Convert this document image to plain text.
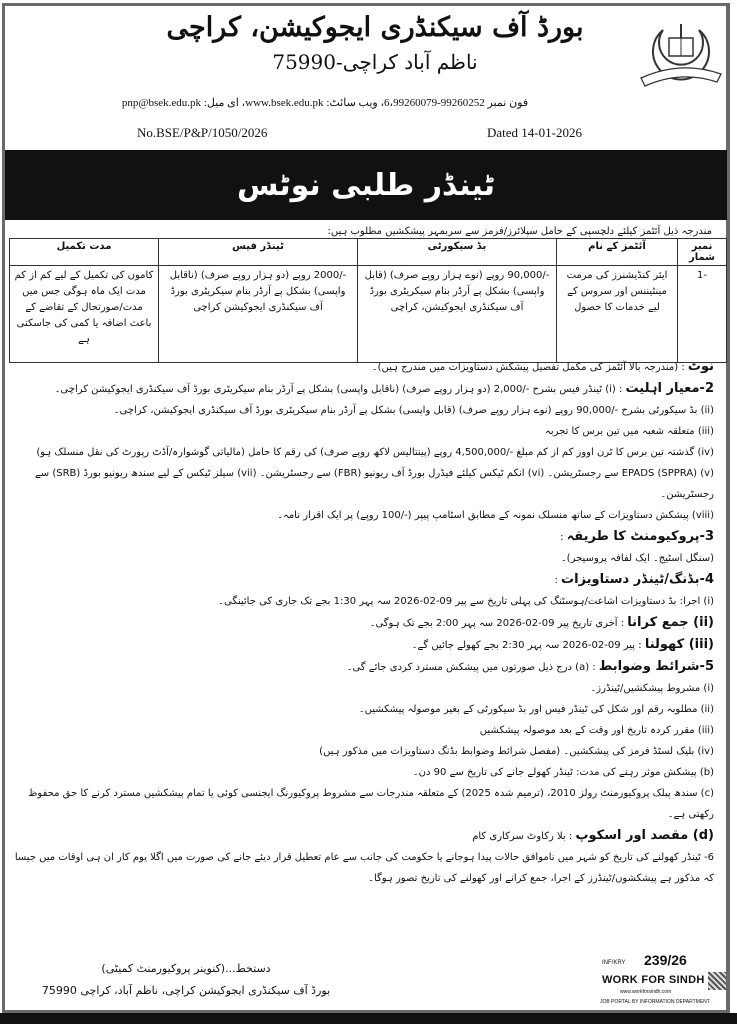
بورڈ آف سیکنڈری ایجوکیشن، کراچی
ناظم آباد کراچی-75990
فون نمبر 99260252-6،99260079، ویب سائٹ: www.bsek.edu.pk، ای میل: pnp@bsek.edu.pk
No.BSE/P&P/1050/2026	Dated 14-01-2026
ٹینڈر طلبی نوٹس
مندرجہ ذیل آئٹمز کیلئے دلچسپی کے حامل سپلائرز/فرمز سے سربمہر پیشکشیں مطلوب ہیں:
نمبر شمار	آئٹمز کے نام	بڈ سیکورٹی	ٹینڈر فیس	مدت تکمیل
-1	ایئر کنڈیشنرز کی مرمت مینٹیننس اور سروس کے لیے خدمات کا حصول	-/90,000 روپے (نوے ہزار روپے صرف) (قابل واپسی) بشکل پے آرڈر بنام سیکریٹری بورڈ آف سیکنڈری ایجوکیشن، کراچی	-/2000 روپے (دو ہزار روپے صرف) (ناقابل واپسی) بشکل پے آرڈر بنام سیکریٹری بورڈ آف سیکنڈری ایجوکیشن کراچی	کاموں کی تکمیل کے لیے کم از کم مدت ایک ماہ ہوگی جس میں مدت/صورتحال کے تقاضے کے باعث اضافہ یا کمی کی جاسکتی ہے

نوٹ : (مندرجہ بالا آئٹمز کی مکمل تفصیل پیشکش دستاویزات میں مندرج ہیں)۔

2-معیار اہلیت : (i) ٹینڈر فیس بشرح -/2,000 (دو ہزار روپے صرف) (ناقابل واپسی) بشکل پے آرڈر بنام سیکریٹری بورڈ آف سیکنڈری ایجوکیشن کراچی۔

(ii) بڈ سیکورٹی بشرح -/90,000 روپے (نوے ہزار روپے صرف) (قابل واپسی) بشکل پے آرڈر بنام سیکریٹری بورڈ آف سیکنڈری ایجوکیشن، کراچی۔

(iii) متعلقہ شعبہ میں تین برس کا تجربہ

(iv) گذشتہ تین برس کا ٹرن اوور کم از کم مبلغ -/4,500,000 روپے (پینتالیس لاکھ روپے صرف) کی رقم کا حامل (مالیاتی گوشوارہ/آڈٹ رپورٹ کی نقل منسلک ہو)

(v) EPADS (SPPRA) سے رجسٹریشن۔ (vi) انکم ٹیکس کیلئے فیڈرل بورڈ آف ریونیو (FBR) سے رجسٹریشن۔ (vii) سیلز ٹیکس کے لیے سندھ ریونیو بورڈ (SRB) سے رجسٹریشن۔

(viii) پیشکش دستاویزات کے ساتھ منسلک نمونہ کے مطابق اسٹامپ پیپر (-/100 روپے) پر ایک اقرار نامہ۔

3-پروکیومنٹ کا طریقہ :

(سنگل اسٹیج۔ ایک لفافہ پروسیجر)۔

4-بڈنگ/ٹینڈر دستاویزات :

(i) اجرا: بڈ دستاویزات اشاعت/ہوسٹنگ کی پہلی تاریخ سے پیر 09-02-2026 سہ پہر 1:30 بجے تک جاری کی جائینگی۔

(ii) جمع کرانا : آخری تاریخ پیر 09-02-2026 سہ پہر 2:00 بجے تک ہوگی۔

(iii) کھولنا : پیر 09-02-2026 سہ پہر 2:30 بجے کھولے جائیں گے۔

5-شرائط وضوابط : (a) درج ذیل صورتوں میں پیشکش مسترد کردی جائے گی۔

(i) مشروط پیشکشیں/ٹینڈرز۔

(ii) مطلوبہ رقم اور شکل کی ٹینڈر فیس اور بڈ سیکورٹی کے بغیر موصولہ پیشکشیں۔

(iii) مقرر کردہ تاریخ اور وقت کے بعد موصولہ پیشکشیں

(iv) بلیک لسٹڈ فرمز کی پیشکشیں۔ (مفصل شرائط وضوابط بڈنگ دستاویزات میں مذکور ہیں)

(b) پیشکش موثر رہنے کی مدت: ٹینڈر کھولے جانے کی تاریخ سے 90 دن۔

(c) سندھ پبلک پروکیورمنٹ رولز 2010، (ترمیم شدہ 2025) کے متعلقہ مندرجات سے مشروط پروکیورنگ ایجنسی کوئی یا تمام پیشکشیں مسترد کرنے کا حق محفوظ رکھتی ہے۔

(d) مقصد اور اسکوپ : بلا رکاوٹ سرکاری کام

6- ٹینڈر کھولنے کی تاریخ کو شہر میں ناموافق حالات پیدا ہوجانے یا حکومت کی جانب سے عام تعطیل قرار دیئے جانے کی صورت میں اگلا یوم کار ان ہی اوقات میں جیسا کہ مذکور ہے پیشکشوں/ٹینڈرز کے اجرا، جمع کرانے اور کھولنے کی تاریخ تصور ہوگا۔

دستخط...(کنوینر پروکیورمنٹ کمیٹی)
بورڈ آف سیکنڈری ایجوکیشن کراچی، ناظم آباد، کراچی 75990
INF/KRY 239/26
WORK FOR SINDH
www.workforsindh.com
JOB PORTAL BY INFORMATION DEPARTMENT
